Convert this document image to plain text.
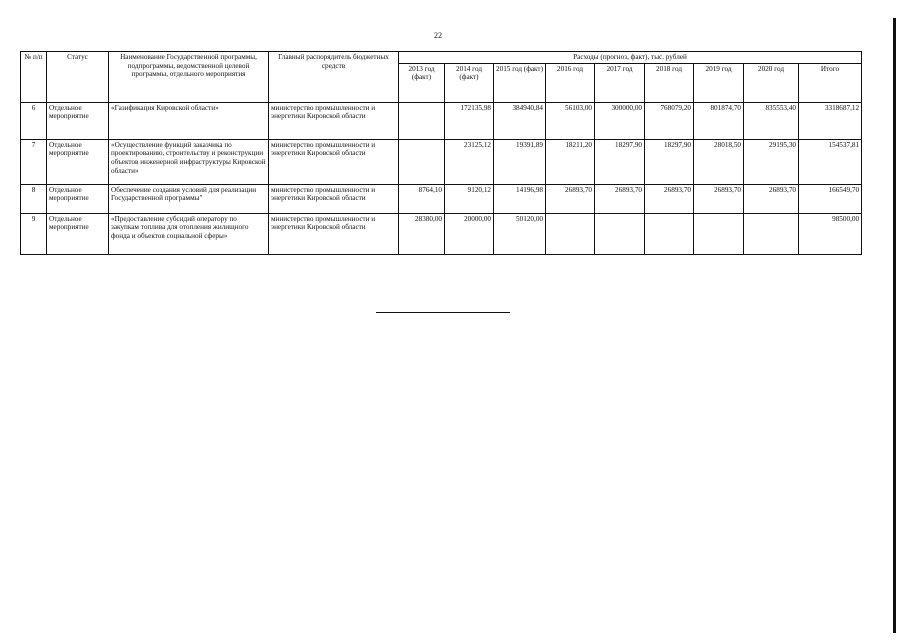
22
№ п/п	Статус	Наименование Государственной программы, подпрограммы, ведомственной целевой программы, отдельного мероприятия	Главный распорядитель бюджетных средств	Расходы (прогноз, факт), тыс. рублей								
				2013 год (факт)	2014 год (факт)	2015 год (факт)	2016 год	2017 год	2018 год	2019 год	2020 год	Итого
6	Отдельное мероприятие	«Газификация Кировской области»	министерство промышленности и энергетики Кировской области		172135,98	384940,84	56103,00	300000,00	768079,20	801874,70	835553,40	3318687,12
7	Отдельное мероприятие	«Осуществление функций заказчика по проектированию, строительству и реконструкции объектов инженерной инфраструктуры Кировской области»	министерство промышленности и энергетики Кировской области		23125,12	19391,89	18211,20	18297,90	18297,90	28018,50	29195,30	154537,81
8	Отдельное мероприятие	Обеспечение создания условий для реализации Государственной программы"	министерство промышленности и энергетики Кировской области	8764,10	9120,12	14196,98	26893,70	26893,70	26893,70	26893,70	26893,70	166549,70
9	Отдельное мероприятие	«Предоставление субсидий оператору по закупкам топлива для отопления жилищного фонда и объектов социальной сферы»	министерство промышленности и энергетики Кировской области	28380,00	20000,00	50120,00						98500,00
